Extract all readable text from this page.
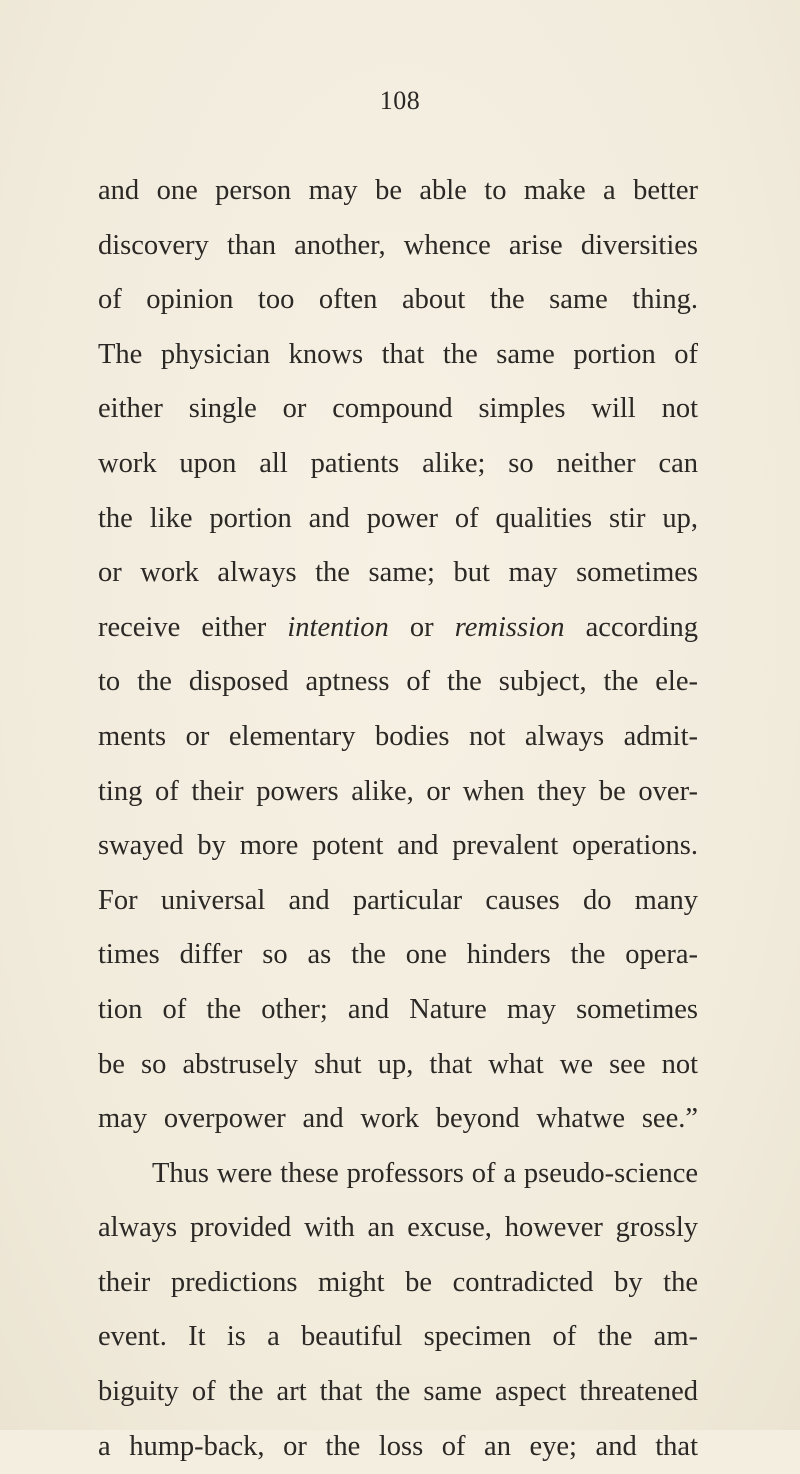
108
and one person may be able to make a better
discovery than another, whence arise diversities
of opinion too often about the same thing.
The physician knows that the same portion of
either single or compound simples will not
work upon all patients alike; so neither can
the like portion and power of qualities stir up,
or work always the same; but may sometimes
receive either intention or remission according
to the disposed aptness of the subject, the ele-
ments or elementary bodies not always admit-
ting of their powers alike, or when they be over-
swayed by more potent and prevalent operations.
For universal and particular causes do many
times differ so as the one hinders the opera-
tion of the other; and Nature may sometimes
be so abstrusely shut up, that what we see not
may overpower and work beyond whatwe see.”
Thus were these professors of a pseudo-science
always provided with an excuse, however grossly
their predictions might be contradicted by the
event. It is a beautiful specimen of the am-
biguity of the art that the same aspect threatened
a hump-back, or the loss of an eye; and that
